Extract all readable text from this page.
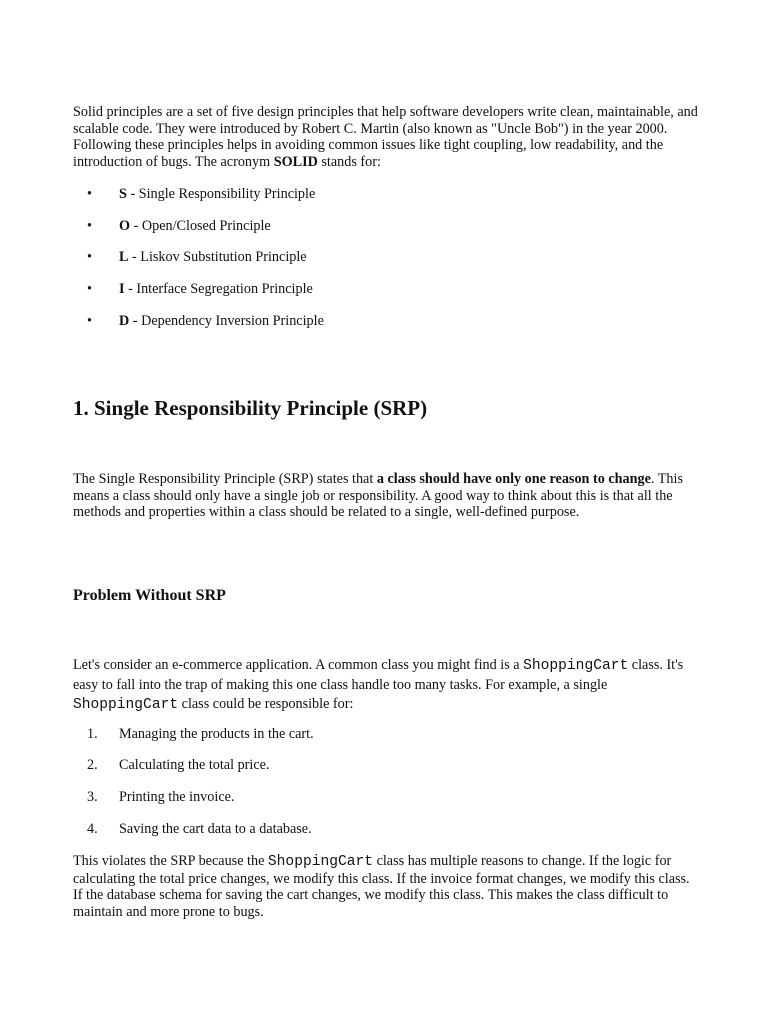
Solid principles are a set of five design principles that help software developers write clean, maintainable, and scalable code. They were introduced by Robert C. Martin (also known as "Uncle Bob") in the year 2000. Following these principles helps in avoiding common issues like tight coupling, low readability, and the introduction of bugs. The acronym SOLID stands for:

• S - Single Responsibility Principle
• O - Open/Closed Principle
• L - Liskov Substitution Principle
• I - Interface Segregation Principle
• D - Dependency Inversion Principle
1. Single Responsibility Principle (SRP)

The Single Responsibility Principle (SRP) states that a class should have only one reason to change. This means a class should only have a single job or responsibility. A good way to think about this is that all the methods and properties within a class should be related to a single, well-defined purpose.

Problem Without SRP

Let's consider an e-commerce application. A common class you might find is a ShoppingCart class. It's easy to fall into the trap of making this one class handle too many tasks. For example, a single ShoppingCart class could be responsible for:

1. Managing the products in the cart.
2. Calculating the total price.
3. Printing the invoice.
4. Saving the cart data to a database.

This violates the SRP because the ShoppingCart class has multiple reasons to change. If the logic for calculating the total price changes, we modify this class. If the invoice format changes, we modify this class. If the database schema for saving the cart changes, we modify this class. This makes the class difficult to maintain and more prone to bugs.
